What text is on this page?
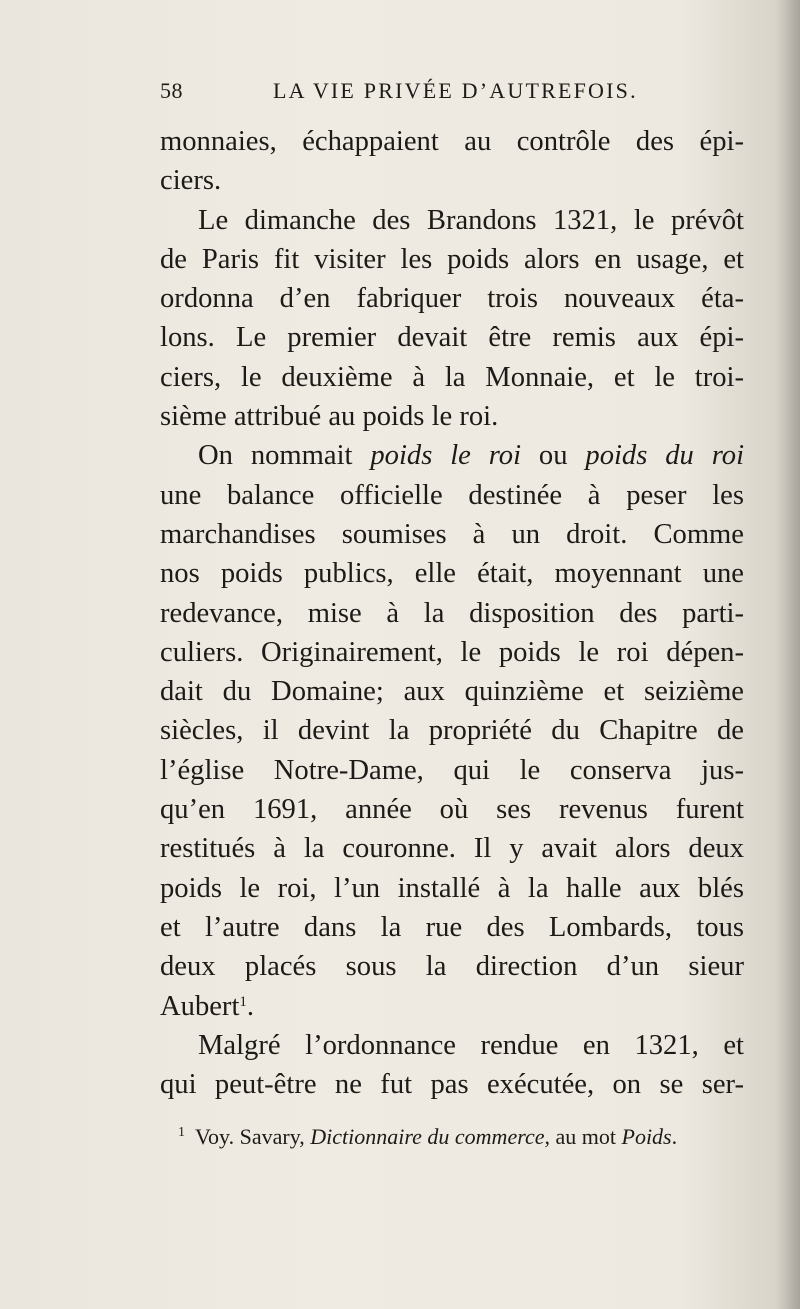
58	LA VIE PRIVÉE D’AUTREFOIS.
monnaies, échappaient au contrôle des épi-
ciers.
Le dimanche des Brandons 1321, le prévôt
de Paris fit visiter les poids alors en usage, et
ordonna d’en fabriquer trois nouveaux éta-
lons. Le premier devait être remis aux épi-
ciers, le deuxième à la Monnaie, et le troi-
sième attribué au poids le roi.
On nommait poids le roi ou poids du roi
une balance officielle destinée à peser les
marchandises soumises à un droit. Comme
nos poids publics, elle était, moyennant une
redevance, mise à la disposition des parti-
culiers. Originairement, le poids le roi dépen-
dait du Domaine; aux quinzième et seizième
siècles, il devint la propriété du Chapitre de
l’église Notre-Dame, qui le conserva jus-
qu’en 1691, année où ses revenus furent
restitués à la couronne. Il y avait alors deux
poids le roi, l’un installé à la halle aux blés
et l’autre dans la rue des Lombards, tous
deux placés sous la direction d’un sieur
Aubert$^1$.
Malgré l’ordonnance rendue en 1321, et
qui peut-être ne fut pas exécutée, on se ser-
$^1$ Voy. Savary, Dictionnaire du commerce, au mot Poids.
